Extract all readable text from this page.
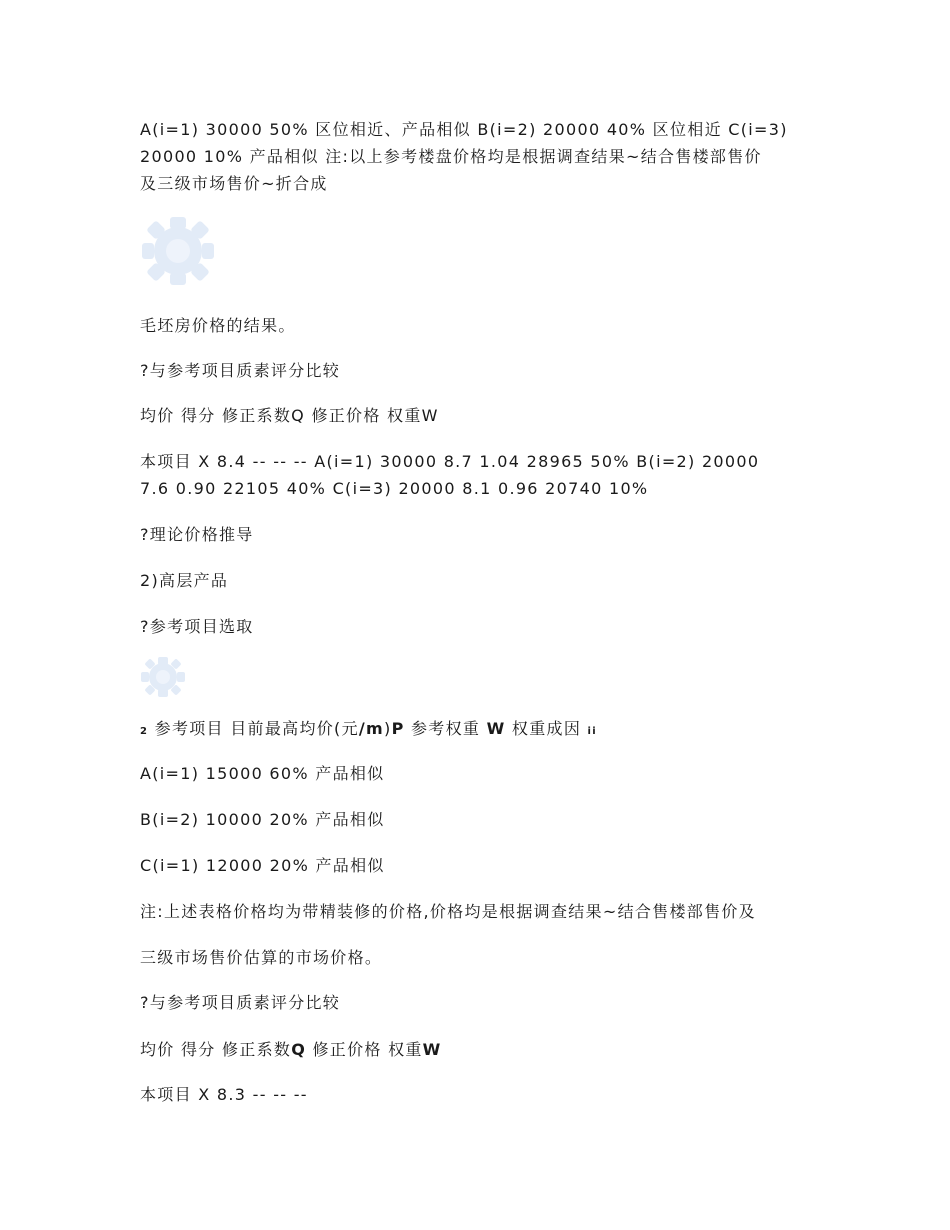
A(i=1) 30000 50% 区位相近、产品相似 B(i=2) 20000 40% 区位相近 C(i=3)
20000 10% 产品相似 注:以上参考楼盘价格均是根据调查结果~结合售楼部售价
及三级市场售价~折合成
毛坯房价格的结果。
?与参考项目质素评分比较
均价 得分 修正系数Q 修正价格 权重W
本项目 X 8.4 -- -- -- A(i=1) 30000 8.7 1.04 28965 50% B(i=2) 20000
7.6 0.90 22105 40% C(i=3) 20000 8.1 0.96 20740 10%
?理论价格推导
2)高层产品
?参考项目选取
2 参考项目 目前最高均价(元/m)P 参考权重 W 权重成因 ii
A(i=1) 15000 60% 产品相似
B(i=2) 10000 20% 产品相似
C(i=1) 12000 20% 产品相似
注:上述表格价格均为带精装修的价格,价格均是根据调查结果~结合售楼部售价及
三级市场售价估算的市场价格。
?与参考项目质素评分比较
均价 得分 修正系数Q 修正价格 权重W
本项目 X 8.3 -- -- --
